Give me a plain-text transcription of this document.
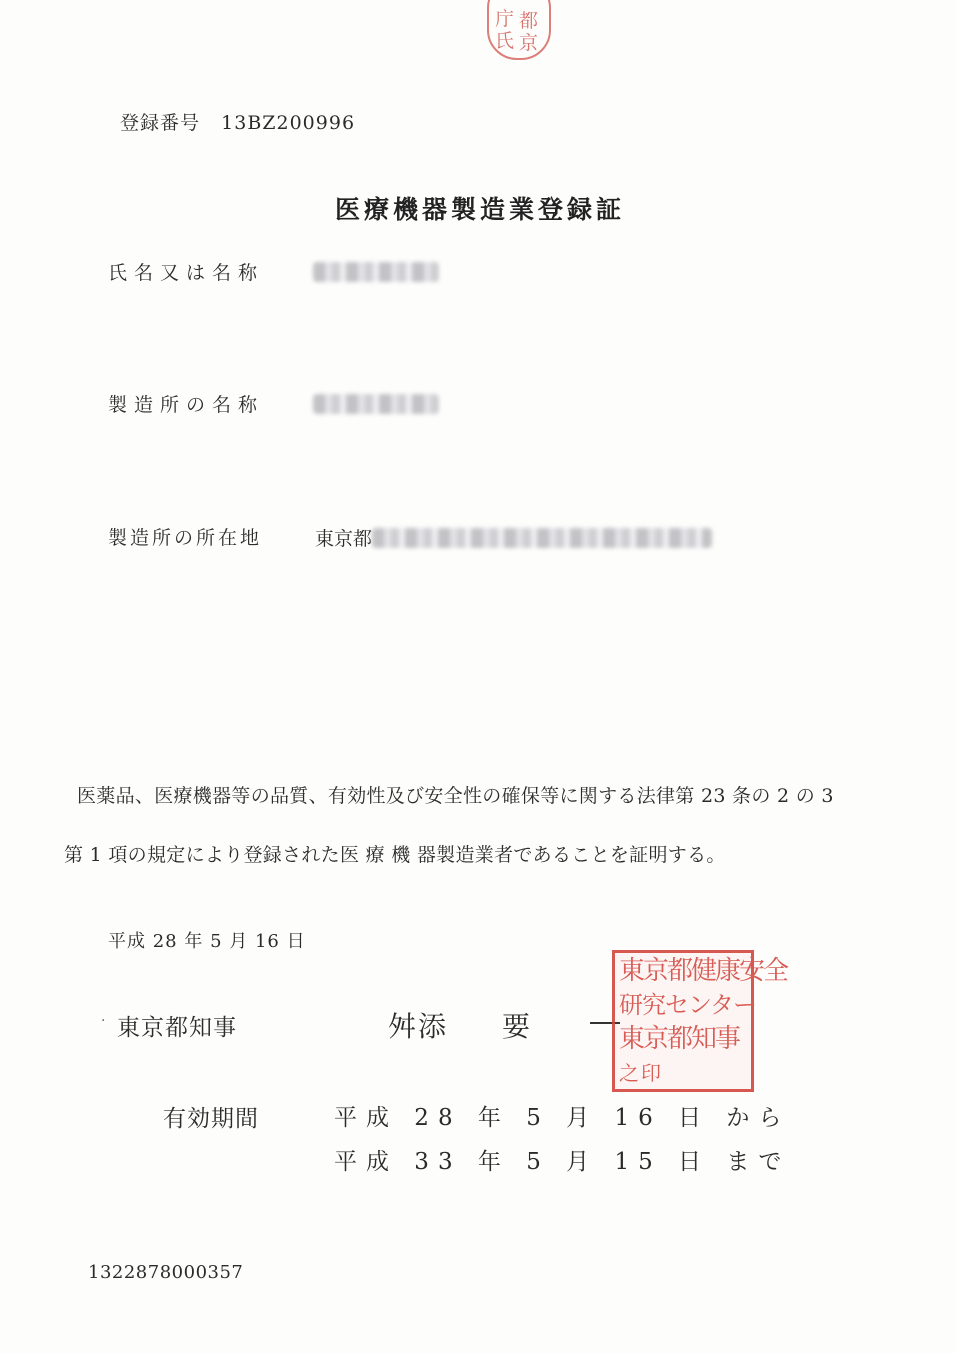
庁 都
氏 京
登録番号 13BZ200996
医療機器製造業登録証
氏名又は名称
製造所の名称
製造所の所在地	東京都
医薬品、医療機器等の品質、有効性及び安全性の確保等に関する法律第 23 条の 2 の 3
第 1 項の規定により登録された医 療 機 器製造業者であることを証明する。
平成 28 年 5 月 16 日
· 東京都知事	舛添 要
東京都健康安全
研究センター
東京都知事
之印
有効期間	平成 28 年 5 月 16 日 から
平成 33 年 5 月 15 日 まで
1322878000357
